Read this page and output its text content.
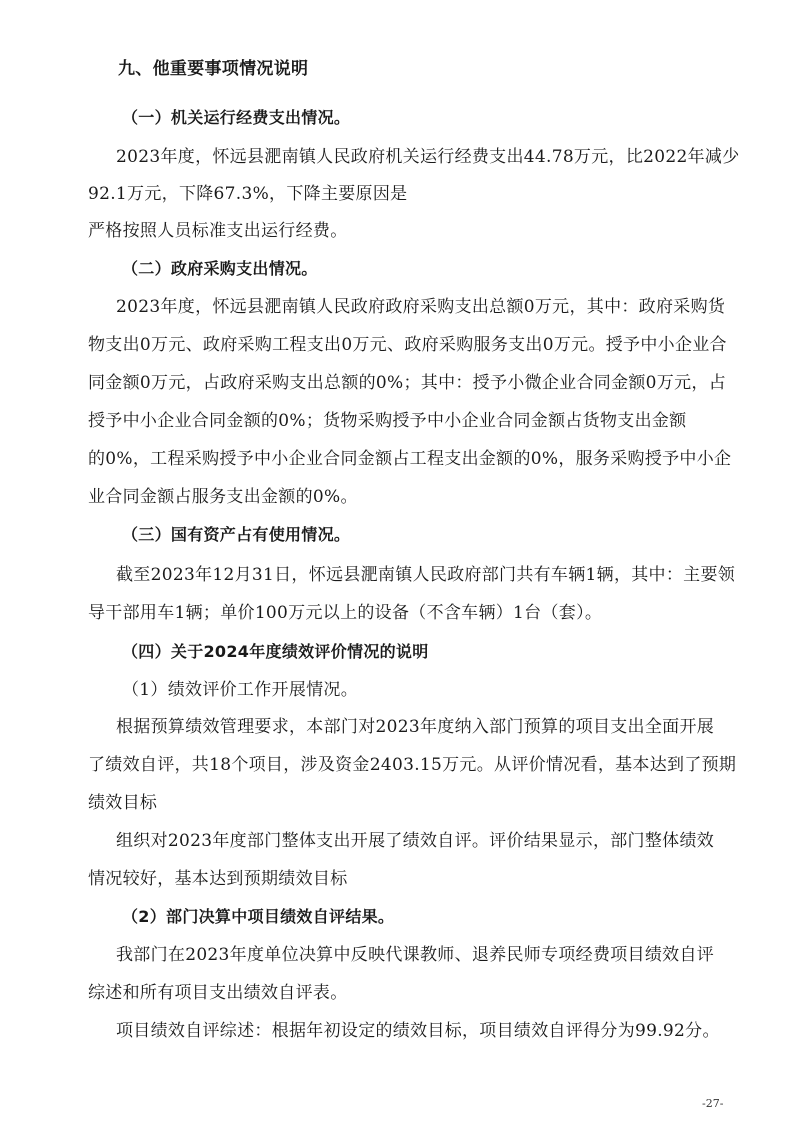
九、他重要事项情况说明
（一）机关运行经费支出情况。
2023年度，怀远县淝南镇人民政府机关运行经费支出44.78万元，比2022年减少
92.1万元，下降67.3%，下降主要原因是
严格按照人员标准支出运行经费。
（二）政府采购支出情况。
2023年度，怀远县淝南镇人民政府政府采购支出总额0万元，其中：政府采购货
物支出0万元、政府采购工程支出0万元、政府采购服务支出0万元。授予中小企业合
同金额0万元，占政府采购支出总额的0%；其中：授予小微企业合同金额0万元，占
授予中小企业合同金额的0%；货物采购授予中小企业合同金额占货物支出金额
的0%，工程采购授予中小企业合同金额占工程支出金额的0%，服务采购授予中小企
业合同金额占服务支出金额的0%。
（三）国有资产占有使用情况。
截至2023年12月31日，怀远县淝南镇人民政府部门共有车辆1辆，其中：主要领
导干部用车1辆；单价100万元以上的设备（不含车辆）1台（套）。
（四）关于2024年度绩效评价情况的说明
（1）绩效评价工作开展情况。
根据预算绩效管理要求，本部门对2023年度纳入部门预算的项目支出全面开展
了绩效自评，共18个项目，涉及资金2403.15万元。从评价情况看，基本达到了预期
绩效目标
组织对2023年度部门整体支出开展了绩效自评。评价结果显示，部门整体绩效
情况较好，基本达到预期绩效目标
（2）部门决算中项目绩效自评结果。
我部门在2023年度单位决算中反映代课教师、退养民师专项经费项目绩效自评
综述和所有项目支出绩效自评表。
项目绩效自评综述：根据年初设定的绩效目标，项目绩效自评得分为99.92分。
-27-
